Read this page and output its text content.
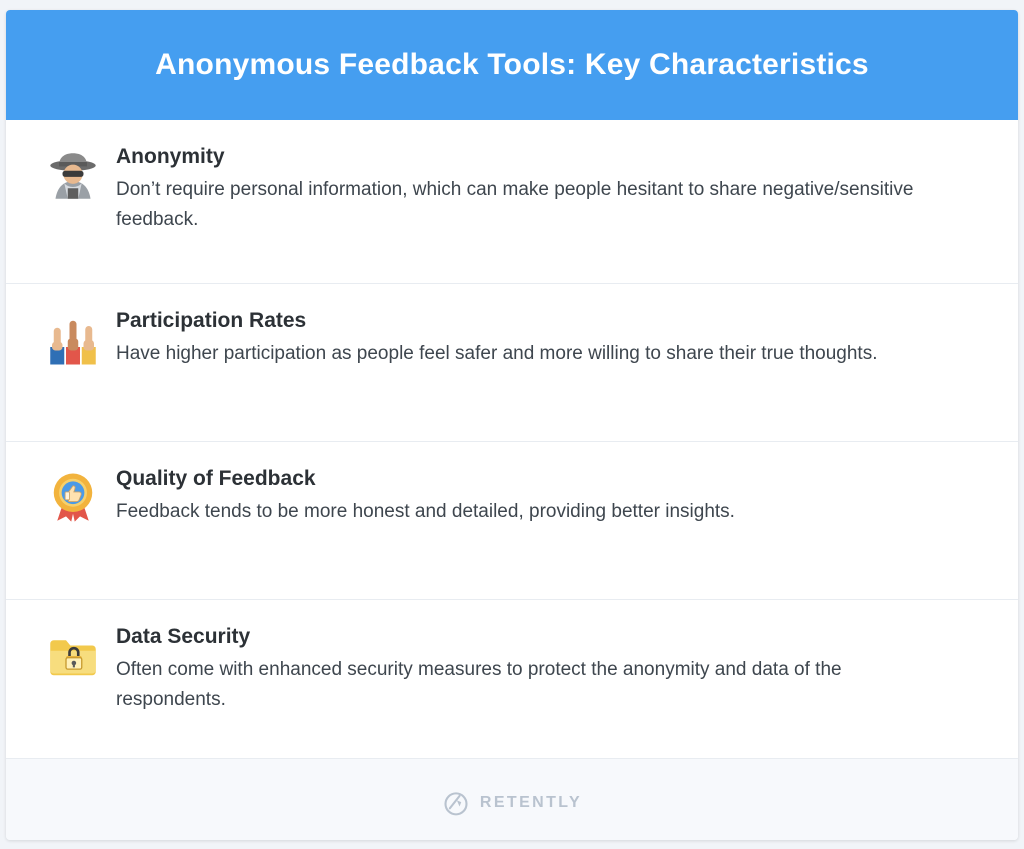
Anonymous Feedback Tools: Key Characteristics
Anonymity

Don’t require personal information, which can make people hesitant to share negative/sensitive feedback.

Participation Rates

Have higher participation as people feel safer and more willing to share their true thoughts.

Quality of Feedback

Feedback tends to be more honest and detailed, providing better insights.

Data Security

Often come with enhanced security measures to protect the anonymity and data of the respondents.

RETENTLY
